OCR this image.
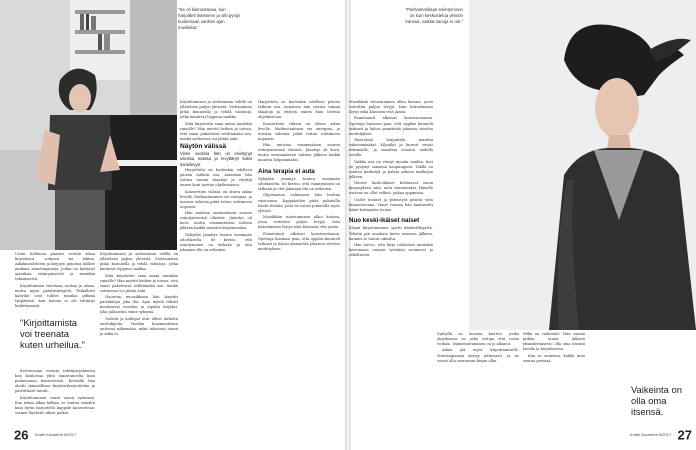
"Se oli kiinnostavaa, kun harjoitteli itsekseen ja silti pystyi kuulemaan vanhan ajan musiikkia."

Usein Kalliassa pianisti viettää aikaa kirjoittaen, soittaen tai lukien. Aikakausilehtien ja kirjojen pinoissa kulkee mukana muistiinpanoja, joihin on kertynyt ajatuksia esiintymisestä ja musiikin tekemisestä.

Kirjoitukseen tarvitaan rauhaa ja aikaa, mutta myös päättäväisyyttä. Paikalliset kahvilat ovat tulleet tutuiksi pitkinä työpäivinä, kun kotona ei ole riittänyt keskittymistä.

"Kirjoittamista voi treenata kuten urheilua."

Kertoessaan uusista tekstiprojekteista hän kuulostaa yhtä innostuneelta kuin puhuessaan konserteista. Keväällä hän aloitti säännöllisen kirjoitusharjoittelun ja päivittäiset tunnit.

Kirjoittaminen vaatii oman rytminsä. Kun teksti alkaa kulkea, se tuntuu samalta kuin hyvin harjoiteltu kappale konsertissa: sormet löytävät oikeat paikat.

Kirjoittamisen ja soittamisen välillä on yllättävän paljon yhteistä. Molemmissa pitää kuunnella ja tehdä valintoja, jotka kantavat loppuun saakka.

Mitä kirjoitettu sana antaa musiikin rinnalle? Hän miettii hetken ja toteaa, että sanat pakottavat selittämään sen, minkä soittaessa voi jättää auki.

Nuorena muusikkona hän kirjoitti päiväkirjaa joka ilta. Ajan myötä tekstit muuttuivat esseiksi ja lopulta kirjaksi, joka julkaistiin viime syksynä.

Ystävät ja kollegat ovat olleet tärkeitä ensilukijoita. Heidän kommenttinsa auttavat näkemään, mikä tekstissä toimii ja mikä ei.

Kirjoittamisen ja soittamisen välillä on yllättävän paljon yhteistä. Molemmissa pitää kuunnella ja tehdä valintoja, jotka kantavat loppuun saakka.

Mitä kirjoitettu sana antaa musiikin rinnalle? Hän miettii hetken ja toteaa, että sanat pakottavat selittämään sen, minkä soittaessa voi jättää auki.

Näytön välissä
Viime vuosina hän on esiintynyt useissa maissa ja levyttänyt kaksi soololevyä.

Harjoittelu on kuitenkin edelleen päivän tärkein osa. Aamuisin hän soittaa tunnin skaaloja ja etydejä ennen kuin tarttuu ohjelmistoon.

Konserttien välissä on oltava aikaa levolle. Matkustaminen vie energiaa, ja uusissa saleissa pitää tottua soittimeen nopeasti.

Hän muistaa ensimmäisen suuren esiintymisensä elävästi. Jännitys oli kova, mutta ensimmäisten tahtien jälkeen kaikki muuttui helpommaksi.

Nykyään jännitys tuntuu enemmän odotukselta. Se kertoo, että esiintyminen on tärkeää ja että jokainen ilta on erilainen.

Harjoittelu on kuitenkin edelleen päivän tärkein osa. Aamuisin hän soittaa tunnin skaaloja ja etydejä ennen kuin tarttuu ohjelmistoon.

Konserttien välissä on oltava aikaa levolle. Matkustaminen vie energiaa, ja uusissa saleissa pitää tottua soittimeen nopeasti.

Hän muistaa ensimmäisen suuren esiintymisensä elävästi. Jännitys oli kova, mutta ensimmäisten tahtien jälkeen kaikki muuttui helpommaksi.

Aina terapia ei auta

Nykyään jännitys tuntuu enemmän odotukselta. Se kertoo, että esiintyminen on tärkeää ja että jokainen ilta on erilainen.

Ohjelmiston valinnassa hän luottaa vaistoonsa. Kappaleiden pitää puhutella häntä itseään, jotta ne voivat puhutella myös yleisöä.

Musiikkiin tutustuminen alkoi kotona, jossa soitettiin paljon levyjä. Isän kokoelmasta löytyi sekä klassista että jazzia.

Pianotunnit alkoivat kuusivuotiaana. Opettaja huomasi pian, että oppilas kuunteli tarkasti ja halusi ymmärtää jokaisen sävelen merkityksen.

26 Kodin Kuvalehti 9/2017
"Parhaimmillaan esiintyminen on kuin keskustelua yleisön kanssa, vaikka sanoja ei ole."

Musiikkiin tutustuminen alkoi kotona, jossa soitettiin paljon levyjä. Isän kokoelmasta löytyi sekä klassista että jazzia.

Pianotunnit alkoivat kuusivuotiaana. Opettaja huomasi pian, että oppilas kuunteli tarkasti ja halusi ymmärtää jokaisen sävelen merkityksen.

Teini-iässä harjoittelu muuttui vakavammaksi. Kilpailut ja kurssit veivät ulkomaille, ja maailma avautui uudella tavalla.

Vaikka ura on vienyt moniin maihin, koti on pysynyt samassa kaupungissa. Täällä on rauhaa keskittyä ja palata arkeen matkojen jälkeen.

Nuoret keski-ikäiset kohtaavat usein kysymyksen siitä, mitä seuraavaksi. Hänelle vastaus on ollut selkeä: jatkaa oppimista.

Uudet teokset ja yhteistyöt pitävät työn kiinnostavana. Viime vuonna hän kantaesitti kaksi kotimaista teosta.

Nuo keski-ikäiset naiset

Kirjan kirjoittaminen opetti kärsivällisyyttä. Tekstiä piti muokata kerta toisensa jälkeen, kunnes se tuntui oikealta.

Hän toivoo, että kirja rohkaisee muitakin kertomaan omasta työstään avoimesti ja rehellisesti.

Syksyllä on luvassa kiertue, jonka ohjelmassa on sekä tuttuja että uusia teoksia. Valmistautuminen on jo alkanut.

Aikaa jää myös kirjoittamiselle. Muistiinpanoja kertyy jatkuvasti, ja ne voivat olla seuraavan kirjan alku.

Mikä on vaikeinta? Hän vastaa pitkän tauon jälkeen yksinkertaisesti: olla oma itsensä lavalla ja kirjoittaessa.

Kun se onnistuu, kaikki muu seuraa perässä.

Vaikeinta on olla oma itsensä.
Kodin Kuvalehti 9/2017 27
